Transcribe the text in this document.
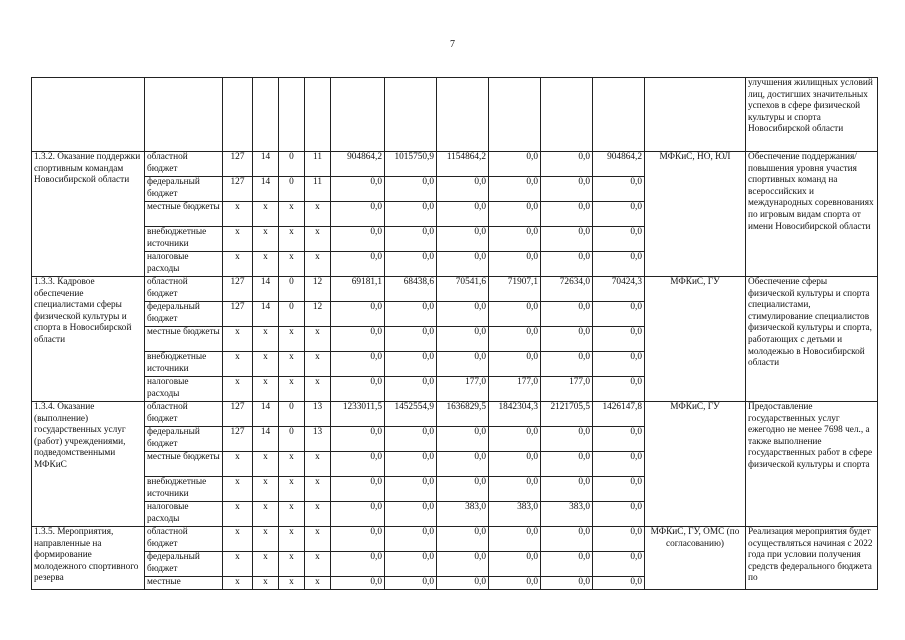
7
													улучшения жилищных условий лиц, достигших значительных успехов в сфере физической культуры и спорта Новосибирской области
1.3.2. Оказание поддержки спортивным командам Новосибирской области	областной бюджет	127	14	0	11	904864,2	1015750,9	1154864,2	0,0	0,0	904864,2	МФКиС, НО, ЮЛ	Обеспечение поддержания/повышения уровня участия спортивных команд на всероссийских и международных соревнованиях по игровым видам спорта от имени Новосибирской области
	федеральный бюджет	127	14	0	11	0,0	0,0	0,0	0,0	0,0	0,0		
	местные бюджеты	x	x	x	x	0,0	0,0	0,0	0,0	0,0	0,0		
	внебюджетные источники	x	x	x	x	0,0	0,0	0,0	0,0	0,0	0,0		
	налоговые расходы	x	x	x	x	0,0	0,0	0,0	0,0	0,0	0,0		
1.3.3. Кадровое обеспечение специалистами сферы физической культуры и спорта в Новосибирской области	областной бюджет	127	14	0	12	69181,1	68438,6	70541,6	71907,1	72634,0	70424,3	МФКиС, ГУ	Обеспечение сферы физической культуры и спорта специалистами, стимулирование специалистов физической культуры и спорта, работающих с детьми и молодежью в Новосибирской области
	федеральный бюджет	127	14	0	12	0,0	0,0	0,0	0,0	0,0	0,0		
	местные бюджеты	x	x	x	x	0,0	0,0	0,0	0,0	0,0	0,0		
	внебюджетные источники	x	x	x	x	0,0	0,0	0,0	0,0	0,0	0,0		
	налоговые расходы	x	x	x	x	0,0	0,0	177,0	177,0	177,0	0,0		
1.3.4. Оказание (выполнение) государственных услуг (работ) учреждениями, подведомственными МФКиС	областной бюджет	127	14	0	13	1233011,5	1452554,9	1636829,5	1842304,3	2121705,5	1426147,8	МФКиС, ГУ	Предоставление государственных услуг ежегодно не менее 7698 чел., а также выполнение государственных работ в сфере физической культуры и спорта
	федеральный бюджет	127	14	0	13	0,0	0,0	0,0	0,0	0,0	0,0		
	местные бюджеты	x	x	x	x	0,0	0,0	0,0	0,0	0,0	0,0		
	внебюджетные источники	x	x	x	x	0,0	0,0	0,0	0,0	0,0	0,0		
	налоговые расходы	x	x	x	x	0,0	0,0	383,0	383,0	383,0	0,0		
1.3.5. Мероприятия, направленные на формирование молодежного спортивного резерва	областной бюджет	x	x	x	x	0,0	0,0	0,0	0,0	0,0	0,0	МФКиС, ГУ, ОМС (по согласованию)	Реализация мероприятия будет осуществляться начиная с 2022 года при условии получения средств федерального бюджета по
	федеральный бюджет	x	x	x	x	0,0	0,0	0,0	0,0	0,0	0,0		
	местные	x	x	x	x	0,0	0,0	0,0	0,0	0,0	0,0		
